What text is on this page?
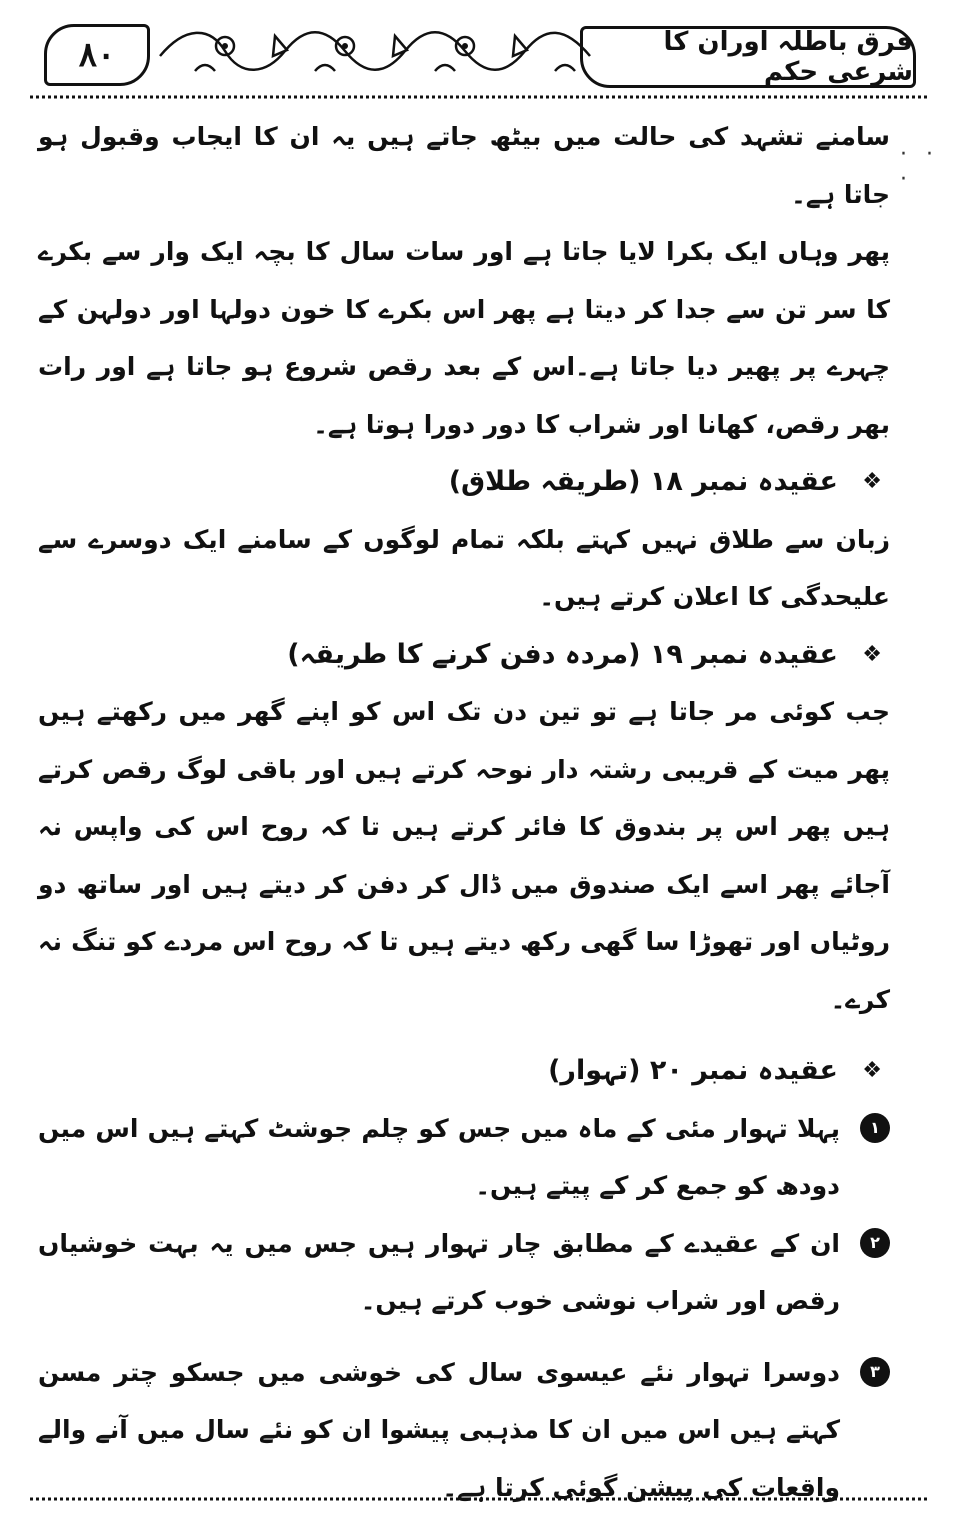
٨٠	فرق باطلہ اوران کا شرعی حکم
· · ·

سامنے تشہد کی حالت میں بیٹھ جاتے ہیں یہ ان کا ایجاب وقبول ہو جاتا ہے۔

پھر وہاں ایک بکرا لایا جاتا ہے اور سات سال کا بچہ ایک وار سے بکرے کا سر تن سے جدا کر دیتا ہے پھر اس بکرے کا خون دولہا اور دولہن کے چہرے پر پھیر دیا جاتا ہے۔اس کے بعد رقص شروع ہو جاتا ہے اور رات بھر رقص، کھانا اور شراب کا دور دورا ہوتا ہے۔

❖
عقیدہ نمبر ۱۸ (طریقہ طلاق)

زبان سے طلاق نہیں کہتے بلکہ تمام لوگوں کے سامنے ایک دوسرے سے علیحدگی کا اعلان کرتے ہیں۔

❖
عقیدہ نمبر ۱۹ (مردہ دفن کرنے کا طریقہ)

جب کوئی مر جاتا ہے تو تین دن تک اس کو اپنے گھر میں رکھتے ہیں پھر میت کے قریبی رشتہ دار نوحہ کرتے ہیں اور باقی لوگ رقص کرتے ہیں پھر اس پر بندوق کا فائر کرتے ہیں تا کہ روح اس کی واپس نہ آجائے پھر اسے ایک صندوق میں ڈال کر دفن کر دیتے ہیں اور ساتھ دو روٹیاں اور تھوڑا سا گھی رکھ دیتے ہیں تا کہ روح اس مردے کو تنگ نہ کرے۔

❖
عقیدہ نمبر ۲۰ (تہوار)
١
پہلا تہوار مئی کے ماہ میں جس کو چلم جوشٹ کہتے ہیں اس میں دودھ کو جمع کر کے پیتے ہیں۔
٢
ان کے عقیدے کے مطابق چار تہوار ہیں جس میں یہ بہت خوشیاں رقص اور شراب نوشی خوب کرتے ہیں۔
٣
دوسرا تہوار نئے عیسوی سال کی خوشی میں جسکو چتر مسن کہتے ہیں اس میں ان کا مذہبی پیشوا ان کو نئے سال میں آنے والے واقعات کی پیشن گوئی کرتا ہے۔
